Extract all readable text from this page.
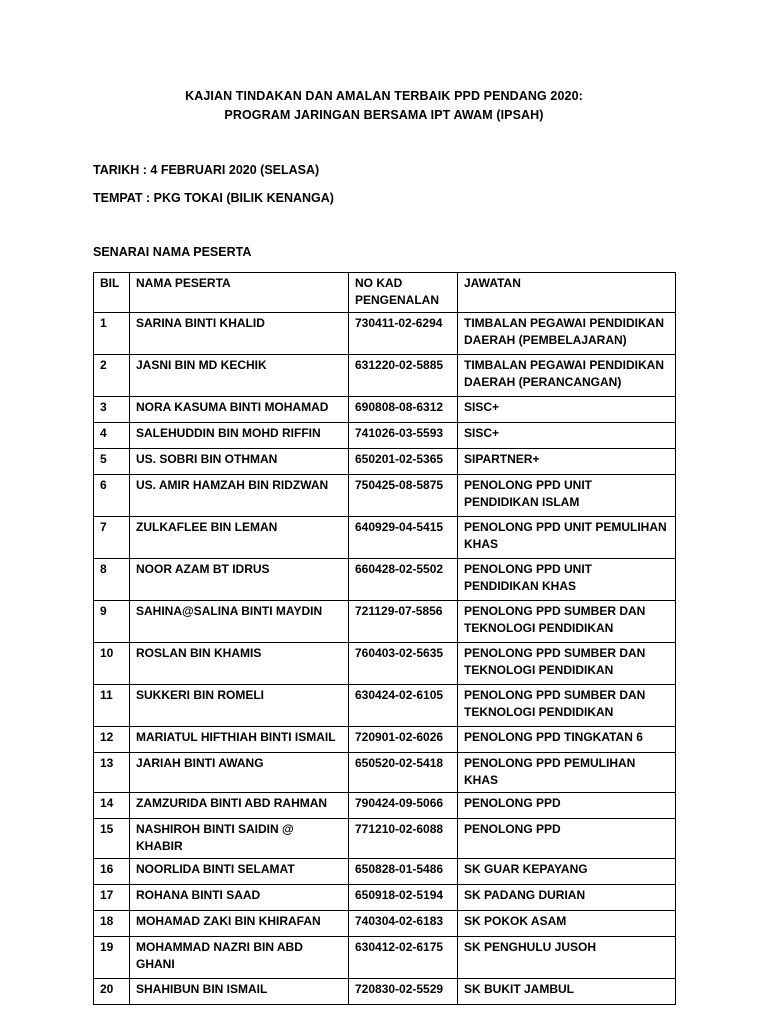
KAJIAN TINDAKAN DAN AMALAN TERBAIK PPD PENDANG 2020:
PROGRAM JARINGAN BERSAMA IPT AWAM (IPSAH)
TARIKH : 4 FEBRUARI 2020 (SELASA)
TEMPAT : PKG TOKAI (BILIK KENANGA)
SENARAI NAMA PESERTA
BIL	NAMA PESERTA	NO KAD PENGENALAN	JAWATAN
1	SARINA BINTI KHALID	730411-02-6294	TIMBALAN PEGAWAI PENDIDIKAN DAERAH (PEMBELAJARAN)
2	JASNI BIN MD KECHIK	631220-02-5885	TIMBALAN PEGAWAI PENDIDIKAN DAERAH (PERANCANGAN)
3	NORA KASUMA BINTI MOHAMAD	690808-08-6312	SISC+
4	SALEHUDDIN BIN MOHD RIFFIN	741026-03-5593	SISC+
5	US. SOBRI BIN OTHMAN	650201-02-5365	SIPARTNER+
6	US. AMIR HAMZAH BIN RIDZWAN	750425-08-5875	PENOLONG PPD UNIT PENDIDIKAN ISLAM
7	ZULKAFLEE BIN LEMAN	640929-04-5415	PENOLONG PPD UNIT PEMULIHAN KHAS
8	NOOR AZAM BT IDRUS	660428-02-5502	PENOLONG PPD UNIT PENDIDIKAN KHAS
9	SAHINA@SALINA BINTI MAYDIN	721129-07-5856	PENOLONG PPD SUMBER DAN TEKNOLOGI PENDIDIKAN
10	ROSLAN BIN KHAMIS	760403-02-5635	PENOLONG PPD SUMBER DAN TEKNOLOGI PENDIDIKAN
11	SUKKERI BIN ROMELI	630424-02-6105	PENOLONG PPD SUMBER DAN TEKNOLOGI PENDIDIKAN
12	MARIATUL HIFTHIAH BINTI ISMAIL	720901-02-6026	PENOLONG PPD TINGKATAN 6
13	JARIAH BINTI AWANG	650520-02-5418	PENOLONG PPD PEMULIHAN KHAS
14	ZAMZURIDA BINTI ABD RAHMAN	790424-09-5066	PENOLONG PPD
15	NASHIROH BINTI SAIDIN @ KHABIR	771210-02-6088	PENOLONG PPD
16	NOORLIDA BINTI SELAMAT	650828-01-5486	SK GUAR KEPAYANG
17	ROHANA BINTI SAAD	650918-02-5194	SK PADANG DURIAN
18	MOHAMAD ZAKI BIN KHIRAFAN	740304-02-6183	SK POKOK ASAM
19	MOHAMMAD NAZRI BIN ABD GHANI	630412-02-6175	SK PENGHULU JUSOH
20	SHAHIBUN BIN ISMAIL	720830-02-5529	SK BUKIT JAMBUL
